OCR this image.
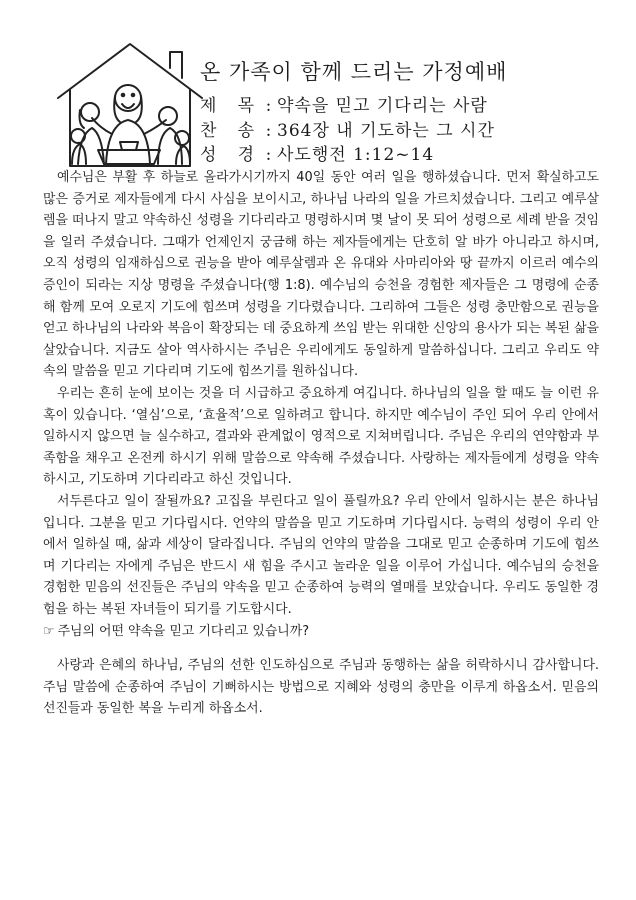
온 가족이 함께 드리는 가정예배
제 목 : 약속을 믿고 기다리는 사람
찬 송 : 364장 내 기도하는 그 시간
성 경 : 사도행전 1:12~14

예수님은 부활 후 하늘로 올라가시기까지 40일 동안 여러 일을 행하셨습니다. 먼저 확실하고도 많은 증거로 제자들에게 다시 사심을 보이시고, 하나님 나라의 일을 가르치셨습니다. 그리고 예루살렘을 떠나지 말고 약속하신 성령을 기다리라고 명령하시며 몇 날이 못 되어 성령으로 세례 받을 것임을 일러 주셨습니다. 그때가 언제인지 궁금해 하는 제자들에게는 단호히 알 바가 아니라고 하시며, 오직 성령의 임재하심으로 권능을 받아 예루살렘과 온 유대와 사마리아와 땅 끝까지 이르러 예수의 증인이 되라는 지상 명령을 주셨습니다(행 1:8). 예수님의 승천을 경험한 제자들은 그 명령에 순종해 함께 모여 오로지 기도에 힘쓰며 성령을 기다렸습니다. 그리하여 그들은 성령 충만함으로 권능을 얻고 하나님의 나라와 복음이 확장되는 데 중요하게 쓰임 받는 위대한 신앙의 용사가 되는 복된 삶을 살았습니다. 지금도 살아 역사하시는 주님은 우리에게도 동일하게 말씀하십니다. 그리고 우리도 약속의 말씀을 믿고 기다리며 기도에 힘쓰기를 원하십니다.

우리는 흔히 눈에 보이는 것을 더 시급하고 중요하게 여깁니다. 하나님의 일을 할 때도 늘 이런 유혹이 있습니다. ‘열심’으로, ‘효율적’으로 일하려고 합니다. 하지만 예수님이 주인 되어 우리 안에서 일하시지 않으면 늘 실수하고, 결과와 관계없이 영적으로 지쳐버립니다. 주님은 우리의 연약함과 부족함을 채우고 온전케 하시기 위해 말씀으로 약속해 주셨습니다. 사랑하는 제자들에게 성령을 약속하시고, 기도하며 기다리라고 하신 것입니다.

서두른다고 일이 잘될까요? 고집을 부린다고 일이 풀릴까요? 우리 안에서 일하시는 분은 하나님입니다. 그분을 믿고 기다립시다. 언약의 말씀을 믿고 기도하며 기다립시다. 능력의 성령이 우리 안에서 일하실 때, 삶과 세상이 달라집니다. 주님의 언약의 말씀을 그대로 믿고 순종하며 기도에 힘쓰며 기다리는 자에게 주님은 반드시 새 힘을 주시고 놀라운 일을 이루어 가십니다. 예수님의 승천을 경험한 믿음의 선진들은 주님의 약속을 믿고 순종하여 능력의 열매를 보았습니다. 우리도 동일한 경험을 하는 복된 자녀들이 되기를 기도합시다.

☞ 주님의 어떤 약속을 믿고 기다리고 있습니까?

사랑과 은혜의 하나님, 주님의 선한 인도하심으로 주님과 동행하는 삶을 허락하시니 감사합니다. 주님 말씀에 순종하여 주님이 기뻐하시는 방법으로 지혜와 성령의 충만을 이루게 하옵소서. 믿음의 선진들과 동일한 복을 누리게 하옵소서.
